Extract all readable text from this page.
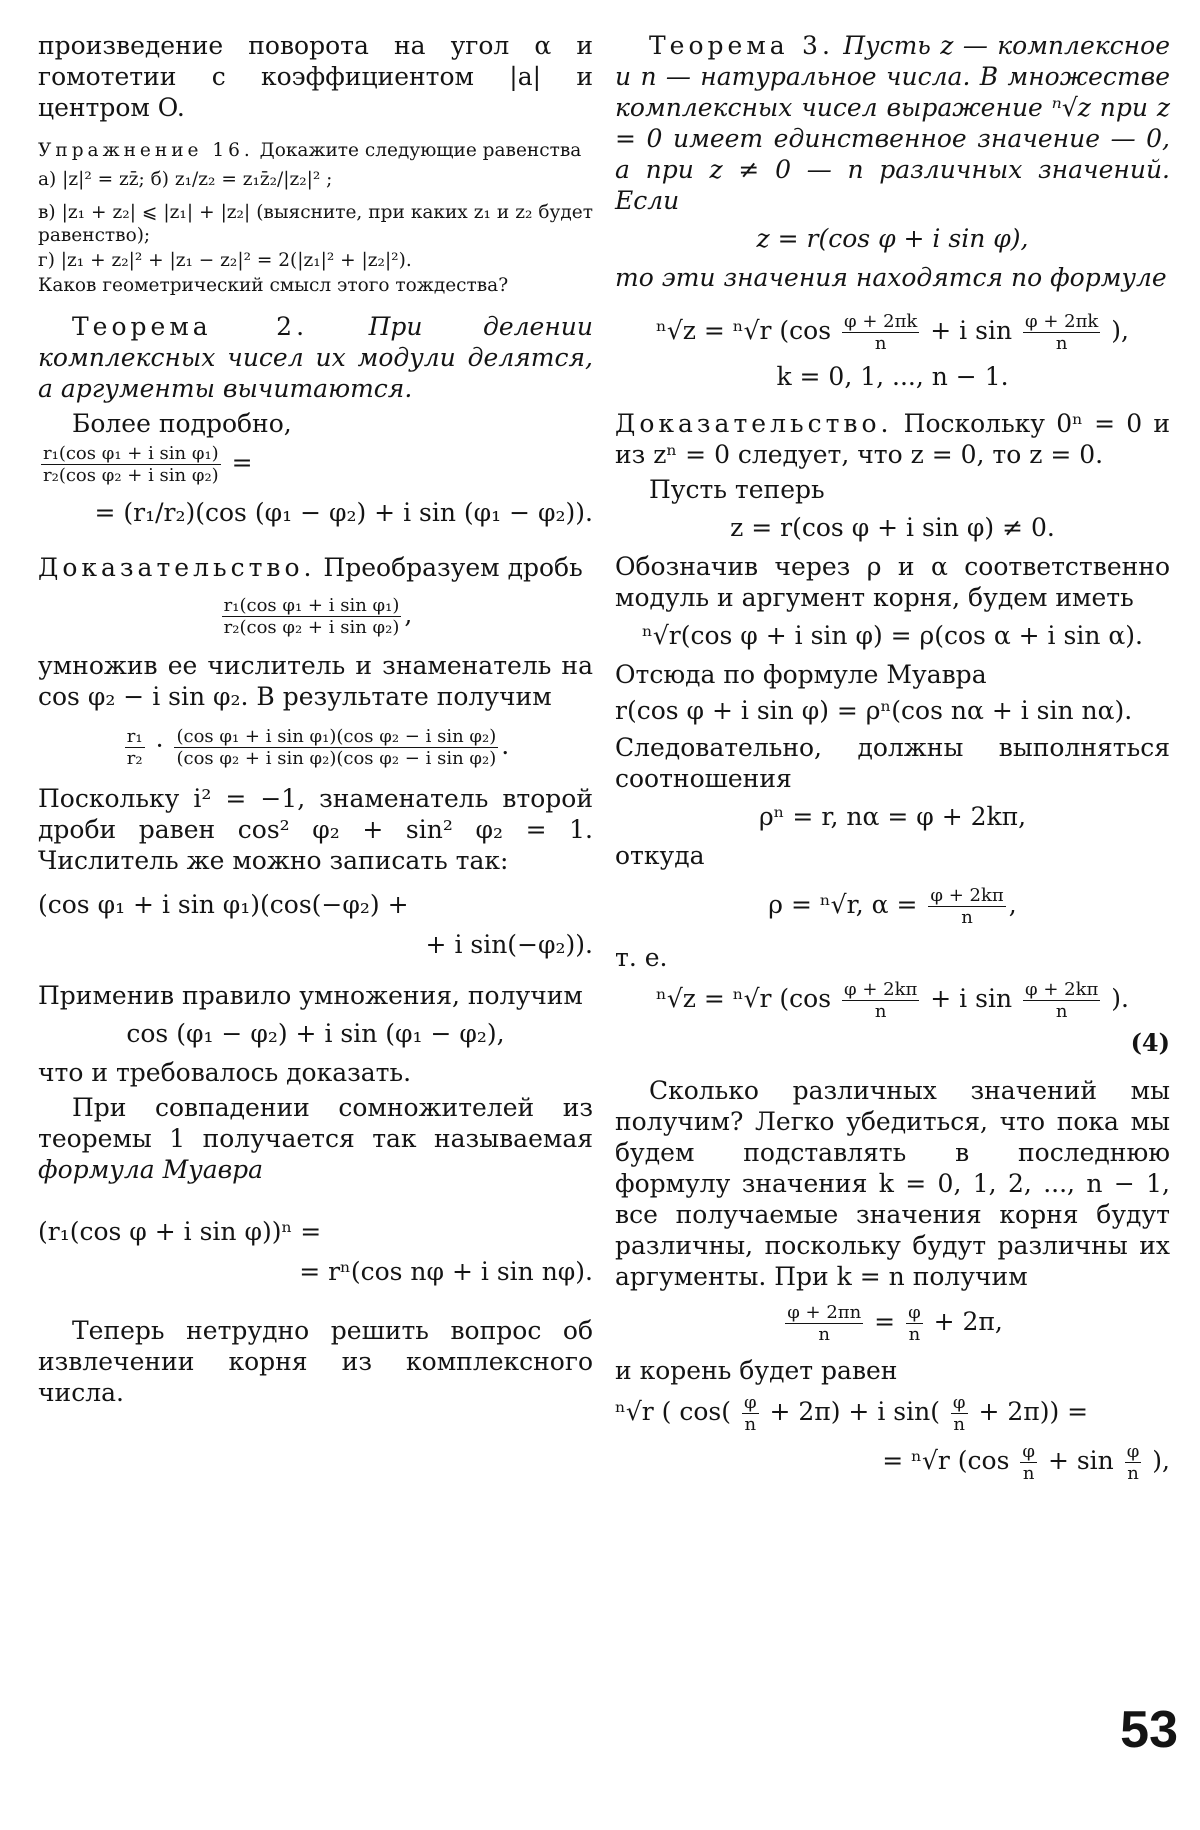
произведение поворота на угол α и гомотетии с коэффициентом |a| и центром O.

Упражнение 16. Докажите следующие равенства

а) |z|² = zz̄; б) z₁/z₂ = z₁z̄₂/|z₂|² ;

в) |z₁ + z₂| ⩽ |z₁| + |z₂| (выясните, при каких z₁ и z₂ будет равенство);

г) |z₁ + z₂|² + |z₁ − z₂|² = 2(|z₁|² + |z₂|²).

Каков геометрический смысл этого тождества?

Теорема 2. При делении комплексных чисел их модули делятся, а аргументы вычитаются.

Более подробно,

$\frac{\text{r₁(cos φ₁ + i sin φ₁)}}{\text{r₂(cos φ₂ + i sin φ₂)}}$ =
= (r₁/r₂)(cos (φ₁ − φ₂) + i sin (φ₁ − φ₂)).

Доказательство. Преобразуем дробь

$\frac{\text{r₁(cos φ₁ + i sin φ₁)}}{\text{r₂(cos φ₂ + i sin φ₂)}}$ ,

умножив ее числитель и знаменатель на cos φ₂ − i sin φ₂. В результате получим

$\frac{\text{r₁}}{\text{r₂}} \cdot \frac{\text{(cos φ₁ + i sin φ₁)(cos φ₂ − i sin φ₂)}}{\text{(cos φ₂ + i sin φ₂)(cos φ₂ − i sin φ₂)}}$ .

Поскольку i² = −1, знаменатель второй дроби равен cos² φ₂ + sin² φ₂ = 1. Числитель же можно записать так:

(cos φ₁ + i sin φ₁)(cos(−φ₂) +
+ i sin(−φ₂)).

Применив правило умножения, получим

cos (φ₁ − φ₂) + i sin (φ₁ − φ₂),

что и требовалось доказать.

При совпадении сомножителей из теоремы 1 получается так называемая формула Муавра

(r₁(cos φ + i sin φ))ⁿ =
= rⁿ(cos nφ + i sin nφ).

Теперь нетрудно решить вопрос об извлечении корня из комплексного числа.

Теорема 3. Пусть z — комплексное и n — натуральное числа. В множестве комплексных чисел выражение ⁿ√z при z = 0 имеет единственное значение — 0, а при z ≠ 0 — n различных значений. Если

z = r(cos φ + i sin φ),

то эти значения находятся по формуле

ⁿ√z = ⁿ√r ($\cos \frac{\varphi + 2\pi k}{n} + i$ $\sin \frac{\varphi + 2\pi k}{n}$ ),
k = 0, 1, ..., n − 1.

Доказательство. Поскольку 0ⁿ = 0 и из zⁿ = 0 следует, что z = 0, то z = 0.

Пусть теперь

z = r(cos φ + i sin φ) ≠ 0.

Обозначив через ρ и α соответственно модуль и аргумент корня, будем иметь

ⁿ√r(cos φ + i sin φ) = ρ(cos α + i sin α).

Отсюда по формуле Муавра

r(cos φ + i sin φ) = ρⁿ(cos nα + i sin nα).

Следовательно, должны выполняться соотношения

ρⁿ = r, nα = φ + 2kπ,

откуда

ρ = ⁿ√r, $\alpha = \frac{\varphi + 2k\pi}{n}$ ,

т. е.

ⁿ√z = ⁿ√r ($\cos \frac{\varphi + 2k\pi}{n} + i$ $\sin \frac{\varphi + 2k\pi}{n}$ ).
(4)

Сколько различных значений мы получим? Легко убедиться, что пока мы будем подставлять в последнюю формулу значения k = 0, 1, 2, ..., n − 1, все получаемые значения корня будут различны, поскольку будут различны их аргументы. При k = n получим

$\frac{\varphi + 2\pi n}{n} = \frac{\varphi}{n} + 2\pi$,

и корень будет равен

ⁿ√r ( $\cos( \frac{\varphi}{n} + 2\pi) + i$ $\sin( \frac{\varphi}{n} + 2\pi)$) =
= ⁿ√r ($\cos \frac{\varphi}{n} + \sin \frac{\varphi}{n}$ ),
53
